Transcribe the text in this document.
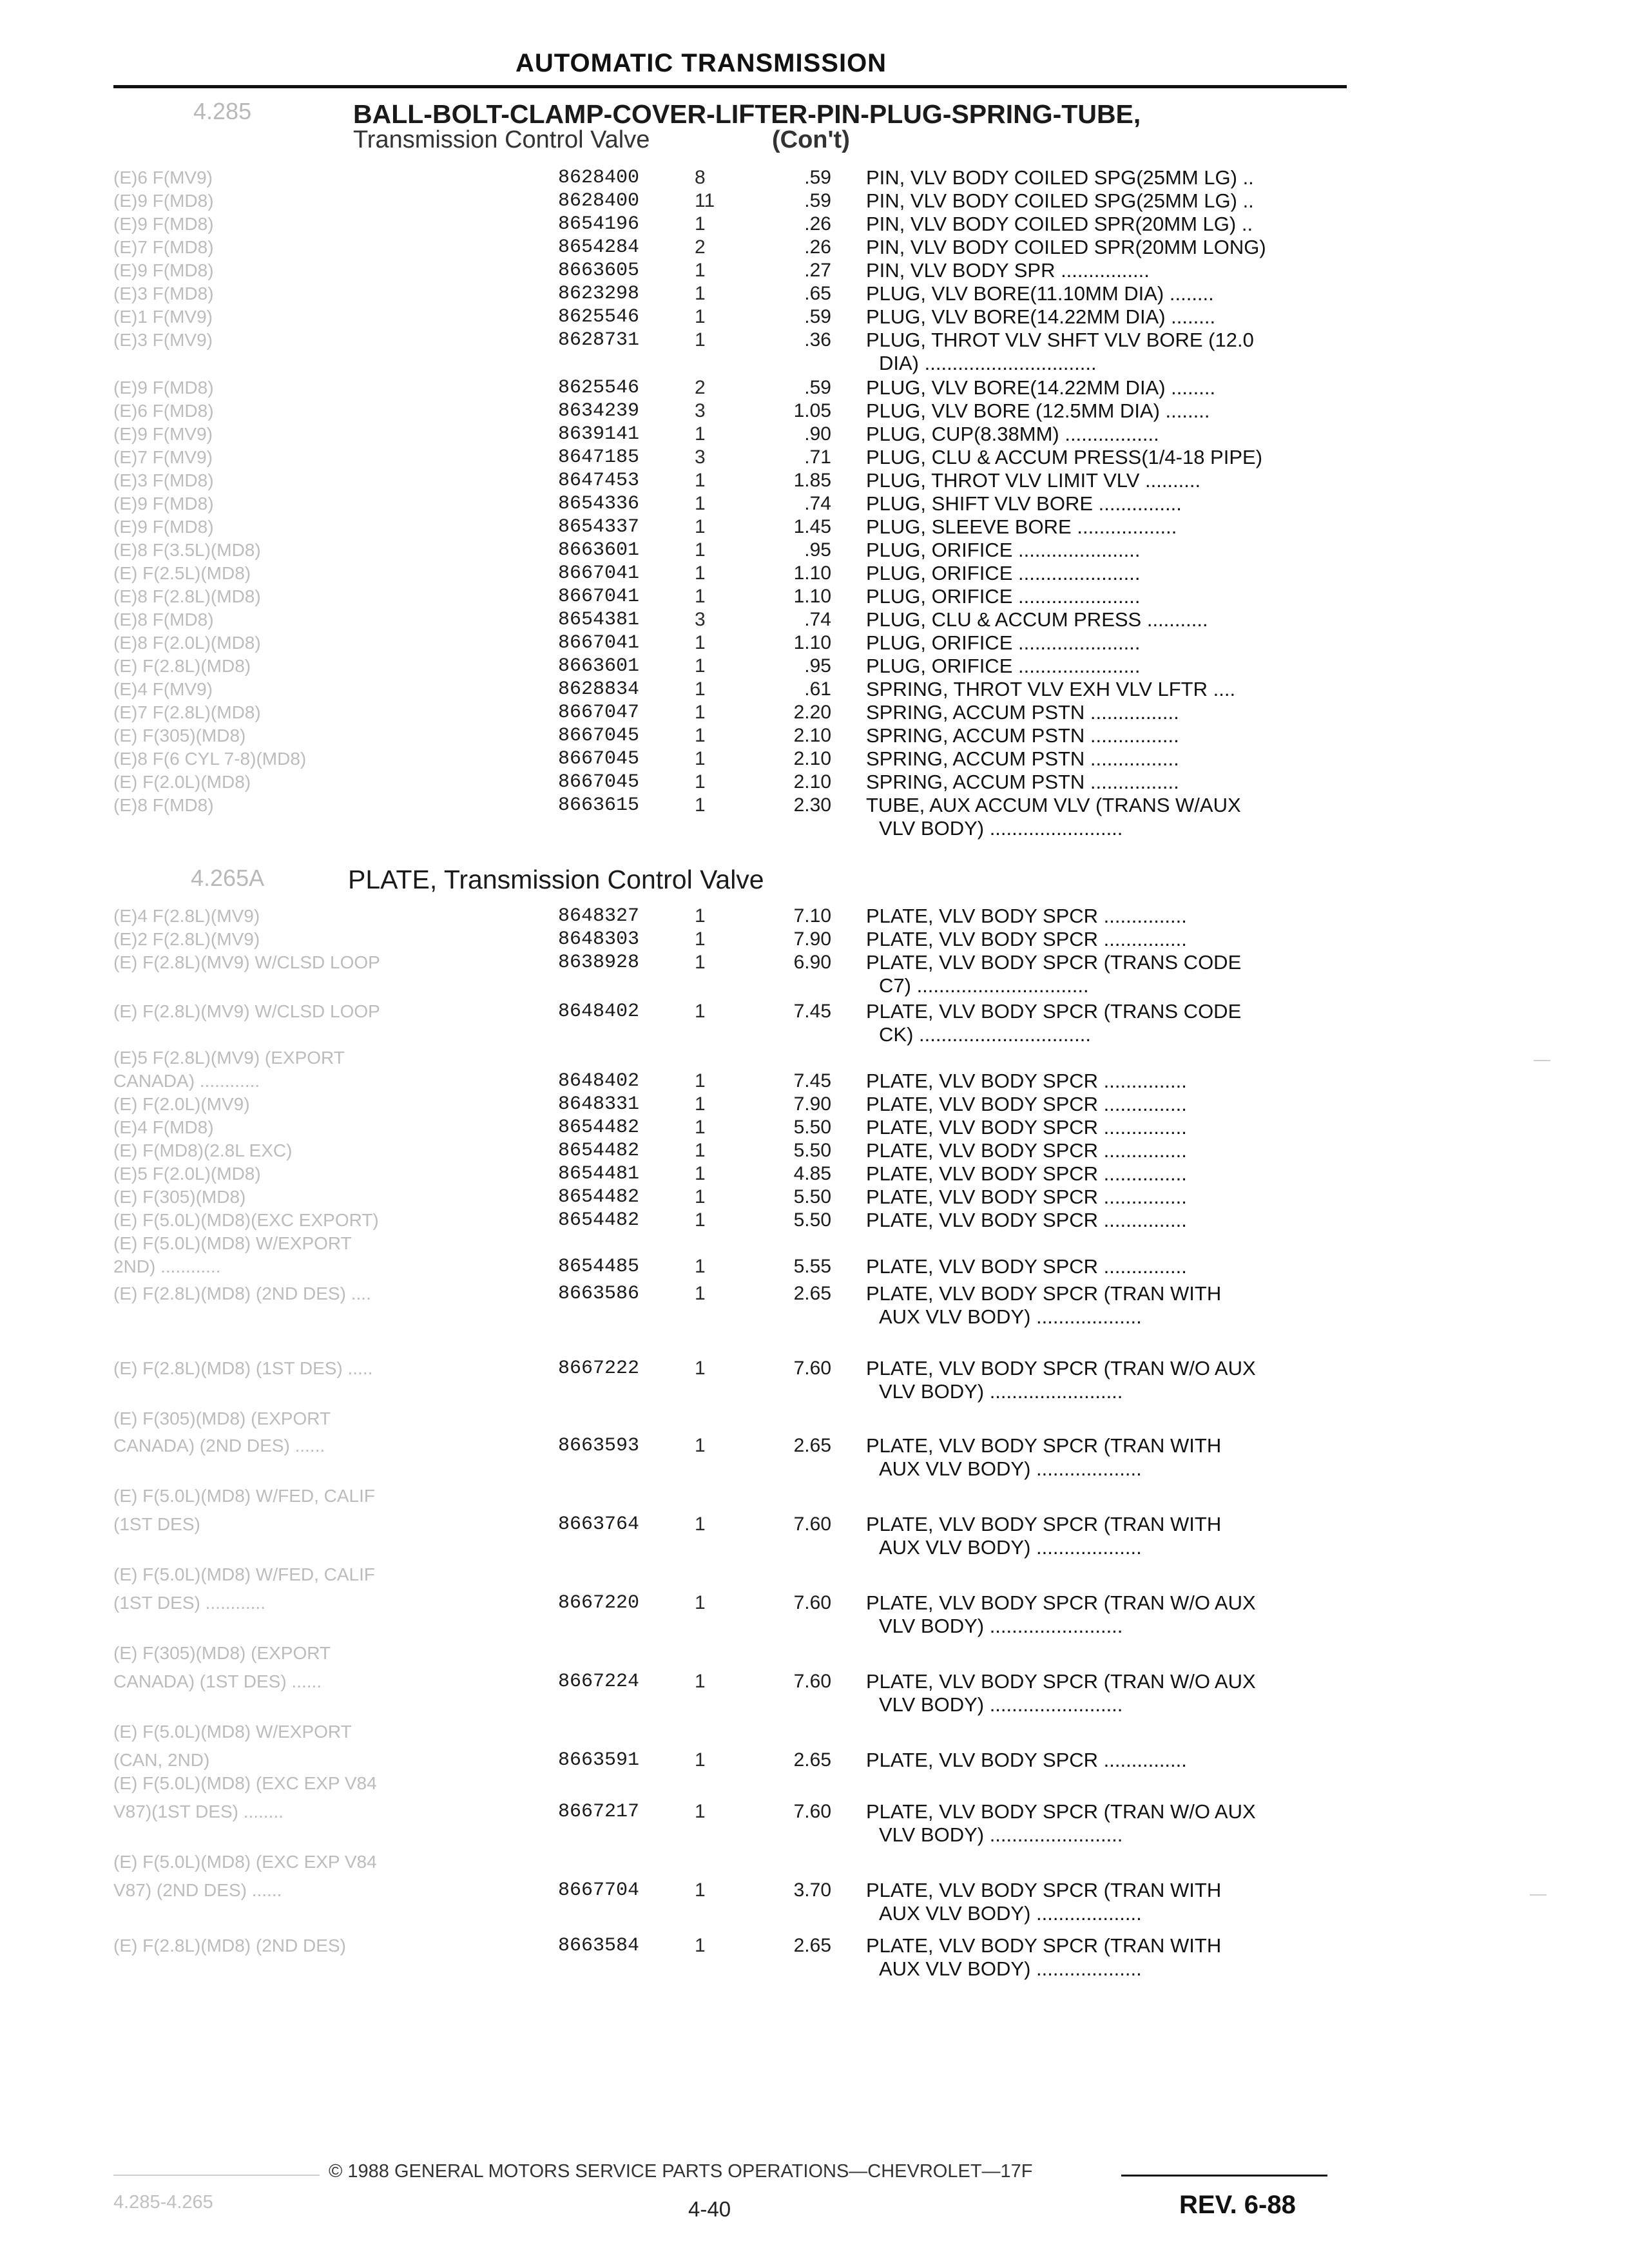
AUTOMATIC TRANSMISSION
4.285	BALL-BOLT-CLAMP-COVER-LIFTER-PIN-PLUG-SPRING-TUBE,
Transmission Control Valve	(Con't)
(E)6 F(MV9)	8628400	8	.59 PIN, VLV BODY COILED SPG(25MM LG) ..
(E)9 F(MD8)	8628400	11	.59 PIN, VLV BODY COILED SPG(25MM LG) ..
(E)9 F(MD8)	8654196	1	.26 PIN, VLV BODY COILED SPR(20MM LG) ..
(E)7 F(MD8)	8654284	2	.26 PIN, VLV BODY COILED SPR(20MM LONG)
(E)9 F(MD8)	8663605	1	.27 PIN, VLV BODY SPR ................
(E)3 F(MD8)	8623298	1	.65 PLUG, VLV BORE(11.10MM DIA) ........
(E)1 F(MV9)	8625546	1	.59 PLUG, VLV BORE(14.22MM DIA) ........
(E)3 F(MV9)	8628731	1	.36 PLUG, THROT VLV SHFT VLV BORE (12.0
DIA) ...............................
(E)9 F(MD8)	8625546	2	.59 PLUG, VLV BORE(14.22MM DIA) ........
(E)6 F(MD8)	8634239	3	1.05 PLUG, VLV BORE (12.5MM DIA) ........
(E)9 F(MV9)	8639141	1	.90 PLUG, CUP(8.38MM) .................
(E)7 F(MV9)	8647185	3	.71 PLUG, CLU & ACCUM PRESS(1/4-18 PIPE)
(E)3 F(MD8)	8647453	1	1.85 PLUG, THROT VLV LIMIT VLV ..........
(E)9 F(MD8)	8654336	1	.74 PLUG, SHIFT VLV BORE ...............
(E)9 F(MD8)	8654337	1	1.45 PLUG, SLEEVE BORE ..................
(E)8 F(3.5L)(MD8)	8663601	1	.95 PLUG, ORIFICE ......................
(E) F(2.5L)(MD8)	8667041	1	1.10 PLUG, ORIFICE ......................
(E)8 F(2.8L)(MD8)	8667041	1	1.10 PLUG, ORIFICE ......................
(E)8 F(MD8)	8654381	3	.74 PLUG, CLU & ACCUM PRESS ...........
(E)8 F(2.0L)(MD8)	8667041	1	1.10 PLUG, ORIFICE ......................
(E) F(2.8L)(MD8)	8663601	1	.95 PLUG, ORIFICE ......................
(E)4 F(MV9)	8628834	1	.61 SPRING, THROT VLV EXH VLV LFTR ....
(E)7 F(2.8L)(MD8)	8667047	1	2.20 SPRING, ACCUM PSTN ................
(E) F(305)(MD8)	8667045	1	2.10 SPRING, ACCUM PSTN ................
(E)8 F(6 CYL 7-8)(MD8)	8667045	1	2.10 SPRING, ACCUM PSTN ................
(E) F(2.0L)(MD8)	8667045	1	2.10 SPRING, ACCUM PSTN ................
(E)8 F(MD8)	8663615	1	2.30 TUBE, AUX ACCUM VLV (TRANS W/AUX
VLV BODY) ........................
4.265A	PLATE, Transmission Control Valve
(E)4 F(2.8L)(MV9)	8648327	1	7.10 PLATE, VLV BODY SPCR ...............
(E)2 F(2.8L)(MV9)	8648303	1	7.90 PLATE, VLV BODY SPCR ...............
(E) F(2.8L)(MV9) W/CLSD LOOP	8638928	1	6.90 PLATE, VLV BODY SPCR (TRANS CODE
C7) ...............................
(E) F(2.8L)(MV9) W/CLSD LOOP	8648402	1	7.45 PLATE, VLV BODY SPCR (TRANS CODE
CK) ...............................
(E)5 F(2.8L)(MV9) (EXPORT
CANADA) ............	8648402	1	7.45 PLATE, VLV BODY SPCR ...............
(E) F(2.0L)(MV9)	8648331	1	7.90 PLATE, VLV BODY SPCR ...............
(E)4 F(MD8)	8654482	1	5.50 PLATE, VLV BODY SPCR ...............
(E) F(MD8)(2.8L EXC)	8654482	1	5.50 PLATE, VLV BODY SPCR ...............
(E)5 F(2.0L)(MD8)	8654481	1	4.85 PLATE, VLV BODY SPCR ...............
(E) F(305)(MD8)	8654482	1	5.50 PLATE, VLV BODY SPCR ...............
(E) F(5.0L)(MD8)(EXC EXPORT)	8654482	1	5.50 PLATE, VLV BODY SPCR ...............
(E) F(5.0L)(MD8) W/EXPORT
2ND) ............	8654485	1	5.55 PLATE, VLV BODY SPCR ...............
(E) F(2.8L)(MD8) (2ND DES) ....	8663586	1	2.65 PLATE, VLV BODY SPCR (TRAN WITH
AUX VLV BODY) ...................
(E) F(2.8L)(MD8) (1ST DES) .....	8667222	1	7.60 PLATE, VLV BODY SPCR (TRAN W/O AUX
VLV BODY) ........................
(E) F(305)(MD8) (EXPORT
CANADA) (2ND DES) ......	8663593	1	2.65 PLATE, VLV BODY SPCR (TRAN WITH
AUX VLV BODY) ...................
(E) F(5.0L)(MD8) W/FED, CALIF
(1ST DES)	8663764	1	7.60 PLATE, VLV BODY SPCR (TRAN WITH
AUX VLV BODY) ...................
(E) F(5.0L)(MD8) W/FED, CALIF
(1ST DES) ............	8667220	1	7.60 PLATE, VLV BODY SPCR (TRAN W/O AUX
VLV BODY) ........................
(E) F(305)(MD8) (EXPORT
CANADA) (1ST DES) ......	8667224	1	7.60 PLATE, VLV BODY SPCR (TRAN W/O AUX
VLV BODY) ........................
(E) F(5.0L)(MD8) W/EXPORT
(CAN, 2ND)	8663591	1	2.65 PLATE, VLV BODY SPCR ...............
(E) F(5.0L)(MD8) (EXC EXP V84
V87)(1ST DES) ........	8667217	1	7.60 PLATE, VLV BODY SPCR (TRAN W/O AUX
VLV BODY) ........................
(E) F(5.0L)(MD8) (EXC EXP V84
V87) (2ND DES) ......	8667704	1	3.70 PLATE, VLV BODY SPCR (TRAN WITH
AUX VLV BODY) ...................
(E) F(2.8L)(MD8) (2ND DES)	8663584	1	2.65 PLATE, VLV BODY SPCR (TRAN WITH
AUX VLV BODY) ...................
© 1988 GENERAL MOTORS SERVICE PARTS OPERATIONS—CHEVROLET—17F
4.285-4.265	4-40	REV. 6-88
